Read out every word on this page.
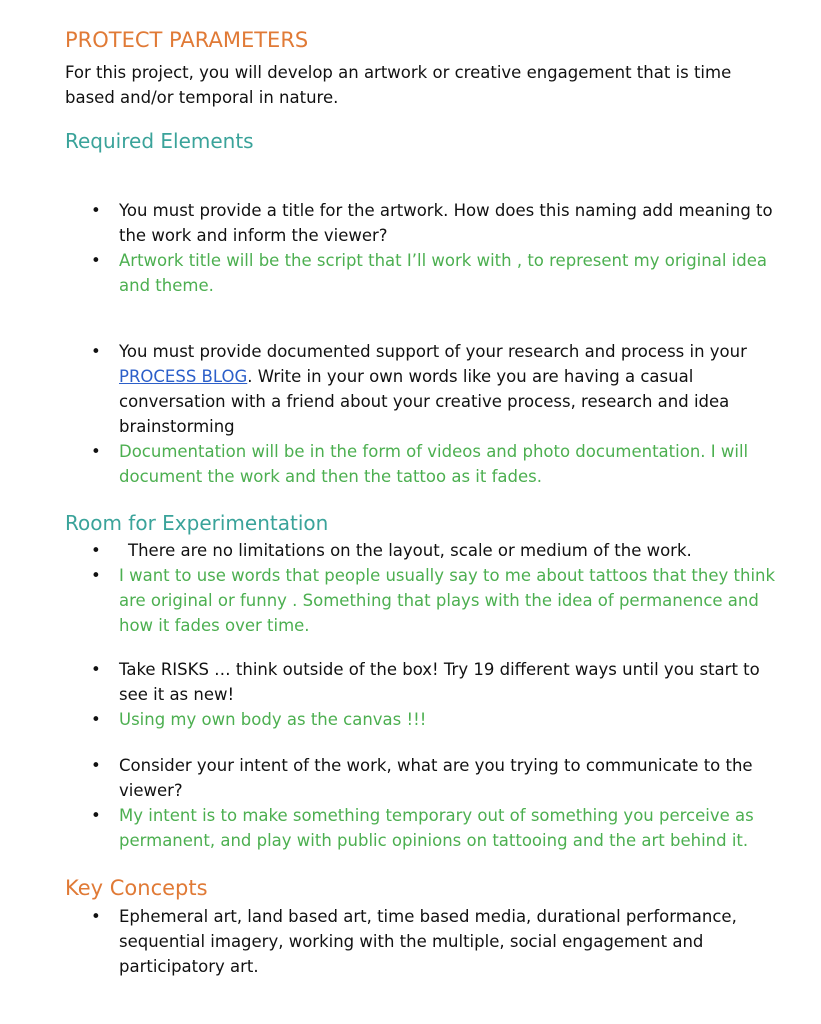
PROTECT PARAMETERS

For this project, you will develop an artwork or creative engagement that is time based and/or temporal in nature.

Required Elements
• You must provide a title for the artwork. How does this naming add meaning to the work and inform the viewer?
• Artwork title will be the script that I’ll work with , to represent my original idea and theme.
• You must provide documented support of your research and process in your PROCESS BLOG. Write in your own words like you are having a casual conversation with a friend about your creative process, research and idea brainstorming
• Documentation will be in the form of videos and photo documentation. I will document the work and then the tattoo as it fades.
Room for Experimentation
• There are no limitations on the layout, scale or medium of the work.
• I want to use words that people usually say to me about tattoos that they think are original or funny . Something that plays with the idea of permanence and how it fades over time.
• Take RISKS … think outside of the box! Try 19 different ways until you start to see it as new!
• Using my own body as the canvas !!!
• Consider your intent of the work, what are you trying to communicate to the viewer?
• My intent is to make something temporary out of something you perceive as permanent, and play with public opinions on tattooing and the art behind it.
Key Concepts
• Ephemeral art, land based art, time based media, durational performance, sequential imagery, working with the multiple, social engagement and participatory art.
